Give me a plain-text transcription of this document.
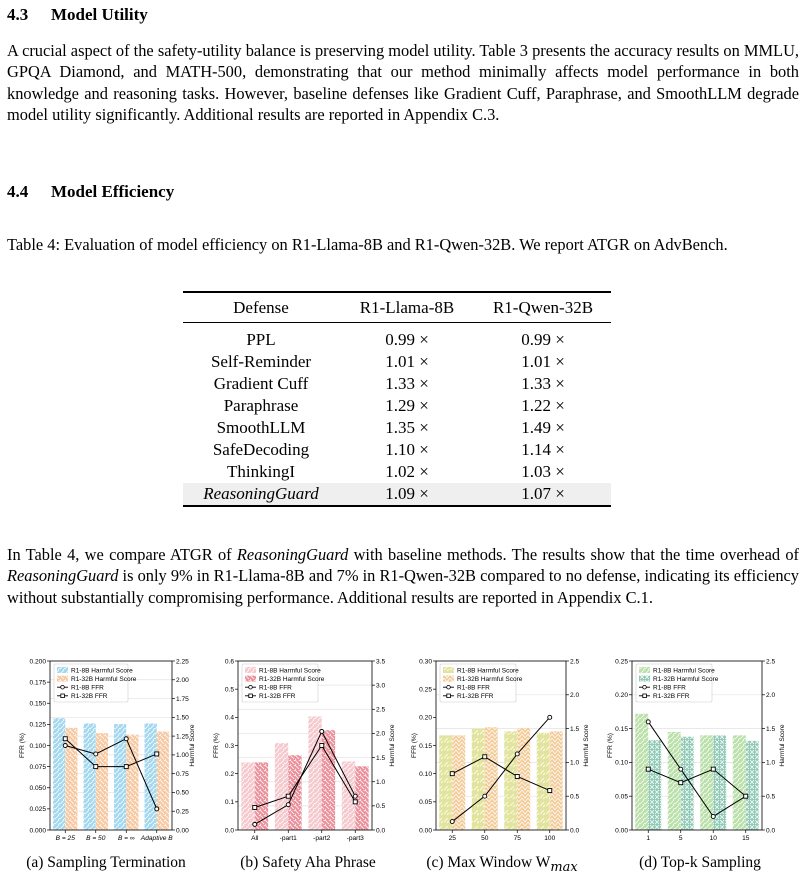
4.3 Model Utility
A crucial aspect of the safety-utility balance is preserving model utility. Table 3 presents the accuracy results on MMLU, GPQA Diamond, and MATH-500, demonstrating that our method minimally affects model performance in both knowledge and reasoning tasks. However, baseline defenses like Gradient Cuff, Paraphrase, and SmoothLLM degrade model utility significantly. Additional results are reported in Appendix C.3.
4.4 Model Efficiency
Table 4: Evaluation of model efficiency on R1-Llama-8B and R1-Qwen-32B. We report ATGR on AdvBench.
Defense	R1-Llama-8B	R1-Qwen-32B
PPL	0.99 ×	0.99 ×
Self-Reminder	1.01 ×	1.01 ×
Gradient Cuff	1.33 ×	1.33 ×
Paraphrase	1.29 ×	1.22 ×
SmoothLLM	1.35 ×	1.49 ×
SafeDecoding	1.10 ×	1.14 ×
ThinkingI	1.02 ×	1.03 ×
ReasoningGuard	1.09 ×	1.07 ×
In Table 4, we compare ATGR of ReasoningGuard with baseline methods. The results show that the time overhead of ReasoningGuard is only 9% in R1-Llama-8B and 7% in R1-Qwen-32B compared to no defense, indicating its efficiency without substantially compromising performance. Additional results are reported in Appendix C.1.
0.000
0.025
0.050
0.075
0.100
0.125
0.150
0.175
0.200
0.00
0.25
0.50
0.75
1.00
1.25
1.50
1.75
2.00
2.25
B = 25 B = 50 B = ∞ Adaptive B
FFR (%)	Harmful Score
R1-8B Harmful Score
R1-32B Harmful Score
R1-8B FFR
R1-32B FFR
0.0
0.1
0.2
0.3
0.4
0.5
0.6
0.0
0.5
1.0
1.5
2.0
2.5
3.0
3.5
All	-part1 -part2 -part3
FFR (%)	Harmful Score
R1-8B Harmful Score
R1-32B Harmful Score
R1-8B FFR
R1-32B FFR
0.00
0.05
0.10
0.15
0.20
0.25
0.30
0.0
0.5
1.0
1.5
2.0
2.5
25	50	75	100
FFR (%)	Harmful Score
R1-8B Harmful Score
R1-32B Harmful Score
R1-8B FFR
R1-32B FFR
0.00
0.05
0.10
0.15
0.20
0.25
0.0
0.5
1.0
1.5
2.0
2.5
1	5	10	15
FFR (%)	Harmful Score
R1-8B Harmful Score
R1-32B Harmful Score
R1-8B FFR
R1-32B FFR
(a) Sampling Termination	(b) Safety Aha Phrase	(c) Max Window $W_{max}$	(d) Top-k Sampling
